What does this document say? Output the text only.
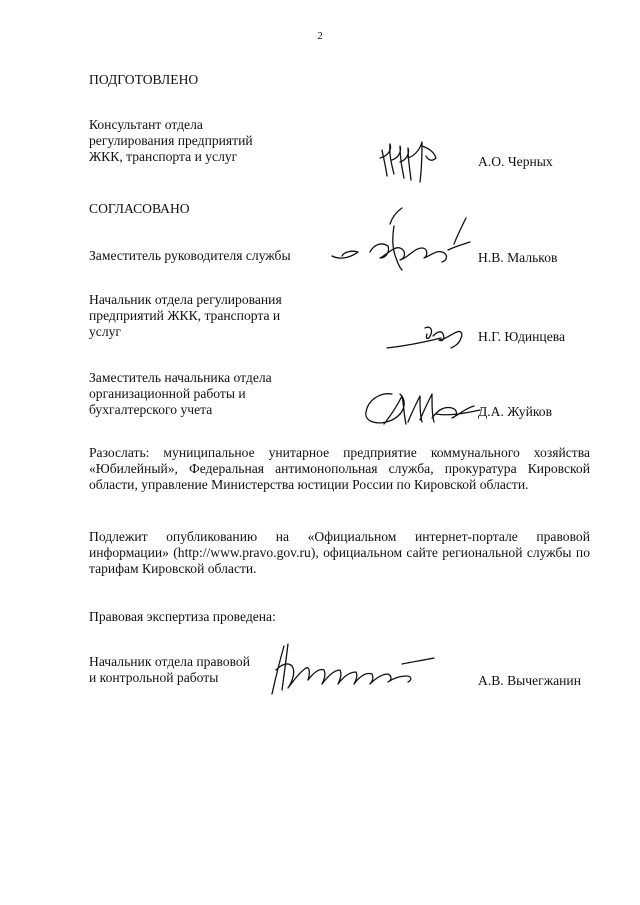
2
ПОДГОТОВЛЕНО
Консультант отдела
регулирования предприятий
ЖКК, транспорта и услуг	А.О. Черных
СОГЛАСОВАНО
Заместитель руководителя службы	Н.В. Мальков
Начальник отдела регулирования
предприятий ЖКК, транспорта и
услуг	Н.Г. Юдинцева
Заместитель начальника отдела
организационной работы и
бухгалтерского учета	Д.А. Жуйков
Разослать: муниципальное унитарное предприятие коммунального хозяйства «Юбилейный», Федеральная антимонопольная служба, прокуратура Кировской области, управление Министерства юстиции России по Кировской области.
Подлежит опубликованию на «Официальном интернет-портале правовой информации» (http://www.pravo.gov.ru), официальном сайте региональной службы по тарифам Кировской области.
Правовая экспертиза проведена:
Начальник отдела правовой
и контрольной работы	А.В. Вычегжанин
